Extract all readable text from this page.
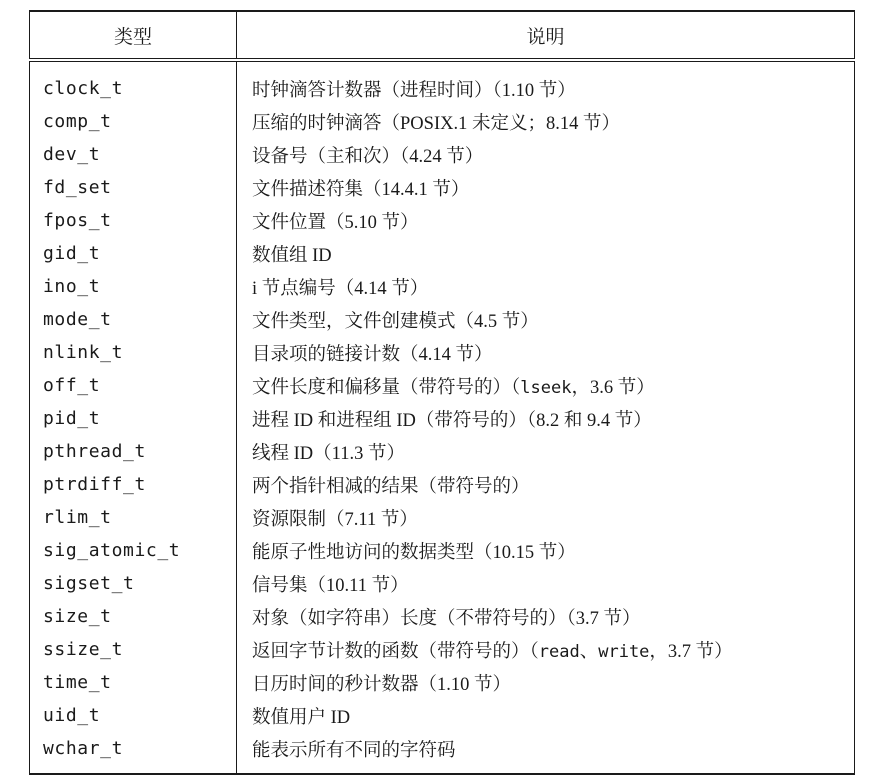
类型	说明
clock_t	时钟滴答计数器（进程时间）（1.10 节）
comp_t	压缩的时钟滴答（POSIX.1 未定义；8.14 节）
dev_t	设备号（主和次）（4.24 节）
fd_set	文件描述符集（14.4.1 节）
fpos_t	文件位置（5.10 节）
gid_t	数值组 ID
ino_t	i 节点编号（4.14 节）
mode_t	文件类型，文件创建模式（4.5 节）
nlink_t	目录项的链接计数（4.14 节）
off_t	文件长度和偏移量（带符号的）（lseek，3.6 节）
pid_t	进程 ID 和进程组 ID（带符号的）（8.2 和 9.4 节）
pthread_t	线程 ID（11.3 节）
ptrdiff_t	两个指针相减的结果（带符号的）
rlim_t	资源限制（7.11 节）
sig_atomic_t	能原子性地访问的数据类型（10.15 节）
sigset_t	信号集（10.11 节）
size_t	对象（如字符串）长度（不带符号的）（3.7 节）
ssize_t	返回字节计数的函数（带符号的）（read、write，3.7 节）
time_t	日历时间的秒计数器（1.10 节）
uid_t	数值用户 ID
wchar_t	能表示所有不同的字符码
